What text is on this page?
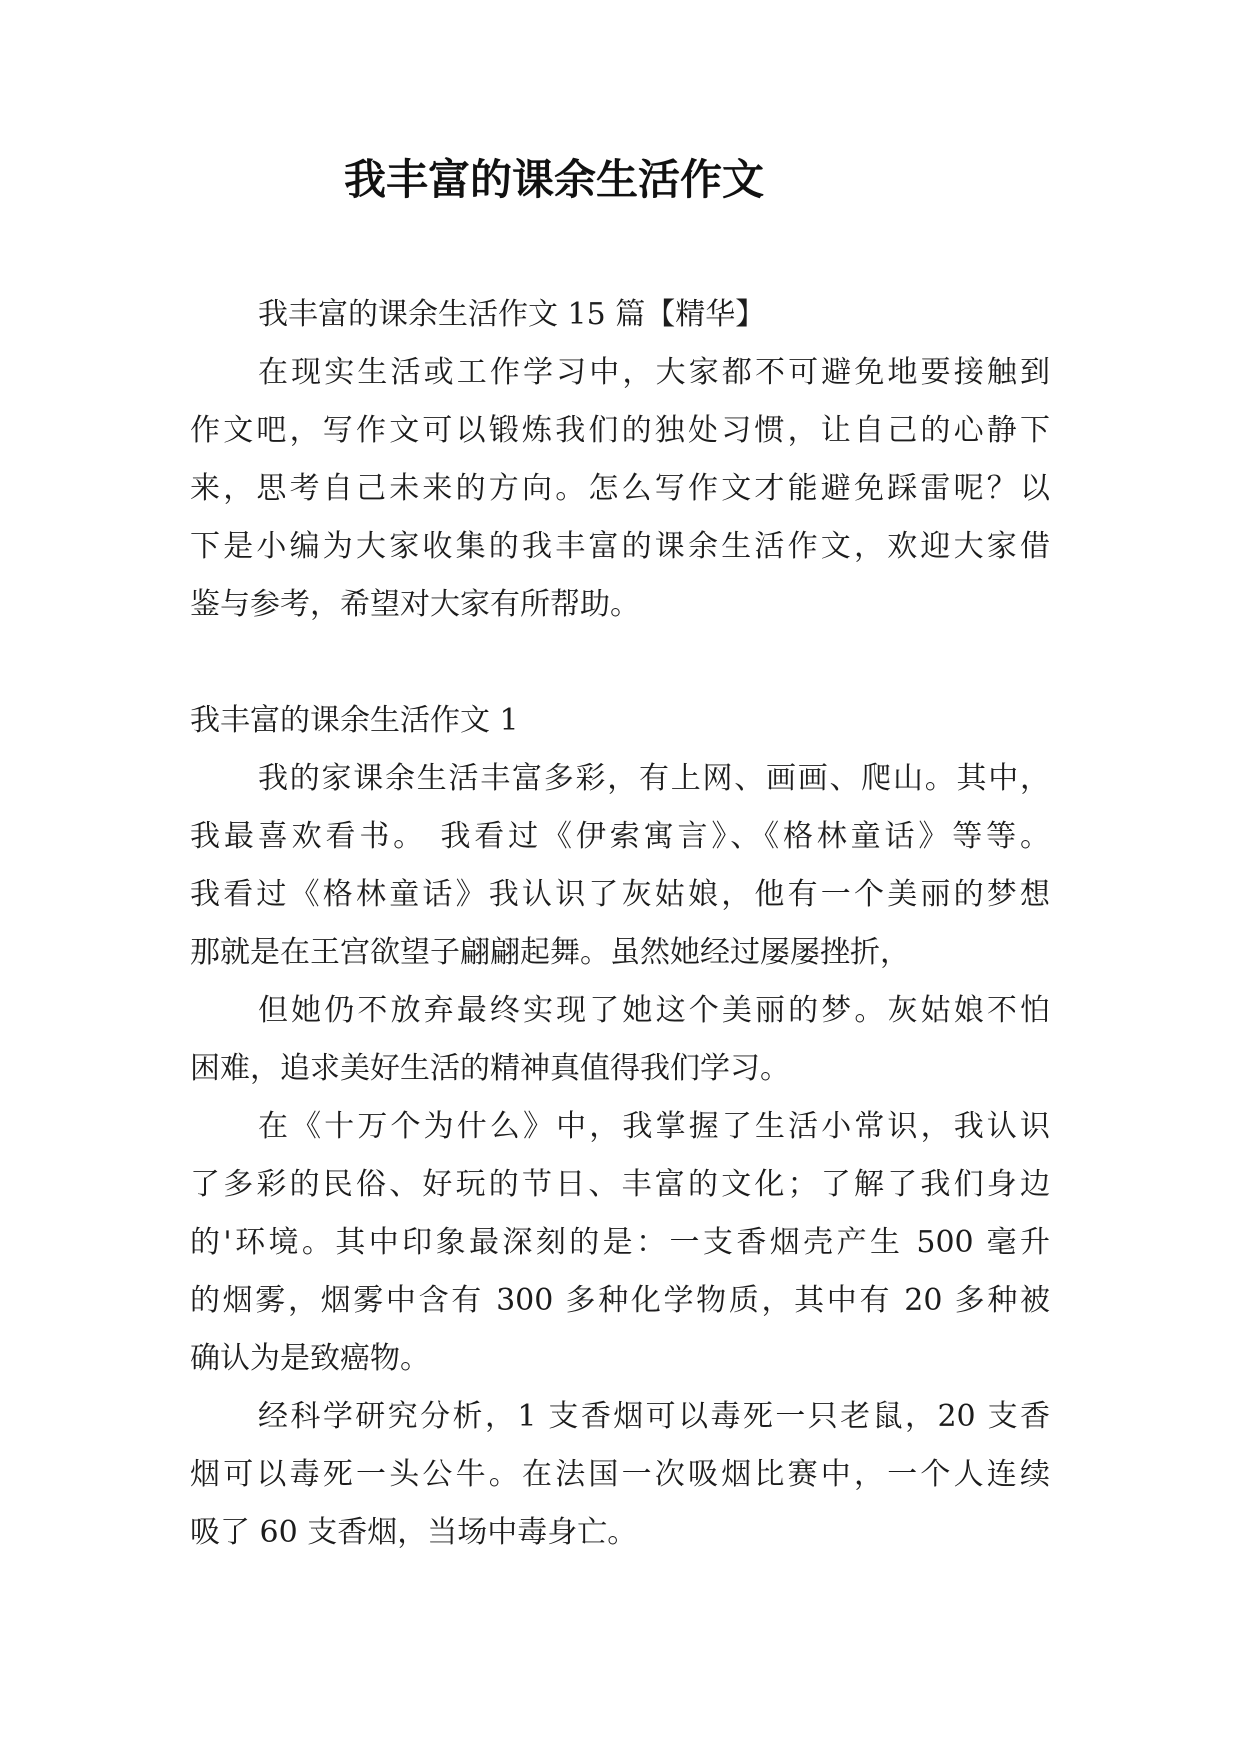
我丰富的课余生活作文
我丰富的课余生活作文 15 篇【精华】
在现实生活或工作学习中，大家都不可避免地要接触到
作文吧，写作文可以锻炼我们的独处习惯，让自己的心静下
来，思考自己未来的方向。怎么写作文才能避免踩雷呢？以
下是小编为大家收集的我丰富的课余生活作文，欢迎大家借
鉴与参考，希望对大家有所帮助。
我丰富的课余生活作文 1
我的家课余生活丰富多彩，有上网、画画、爬山。其中，
我最喜欢看书。 我看过《伊索寓言》、《格林童话》等等。
我看过《格林童话》我认识了灰姑娘，他有一个美丽的梦想
那就是在王宫欲望子翩翩起舞。虽然她经过屡屡挫折，
但她仍不放弃最终实现了她这个美丽的梦。灰姑娘不怕
困难，追求美好生活的精神真值得我们学习。
在《十万个为什么》中，我掌握了生活小常识，我认识
了多彩的民俗、好玩的节日、丰富的文化；了解了我们身边
的'环境。其中印象最深刻的是：一支香烟壳产生 500 毫升
的烟雾，烟雾中含有 300 多种化学物质，其中有 20 多种被
确认为是致癌物。
经科学研究分析，1 支香烟可以毒死一只老鼠，20 支香
烟可以毒死一头公牛。在法国一次吸烟比赛中，一个人连续
吸了 60 支香烟，当场中毒身亡。
